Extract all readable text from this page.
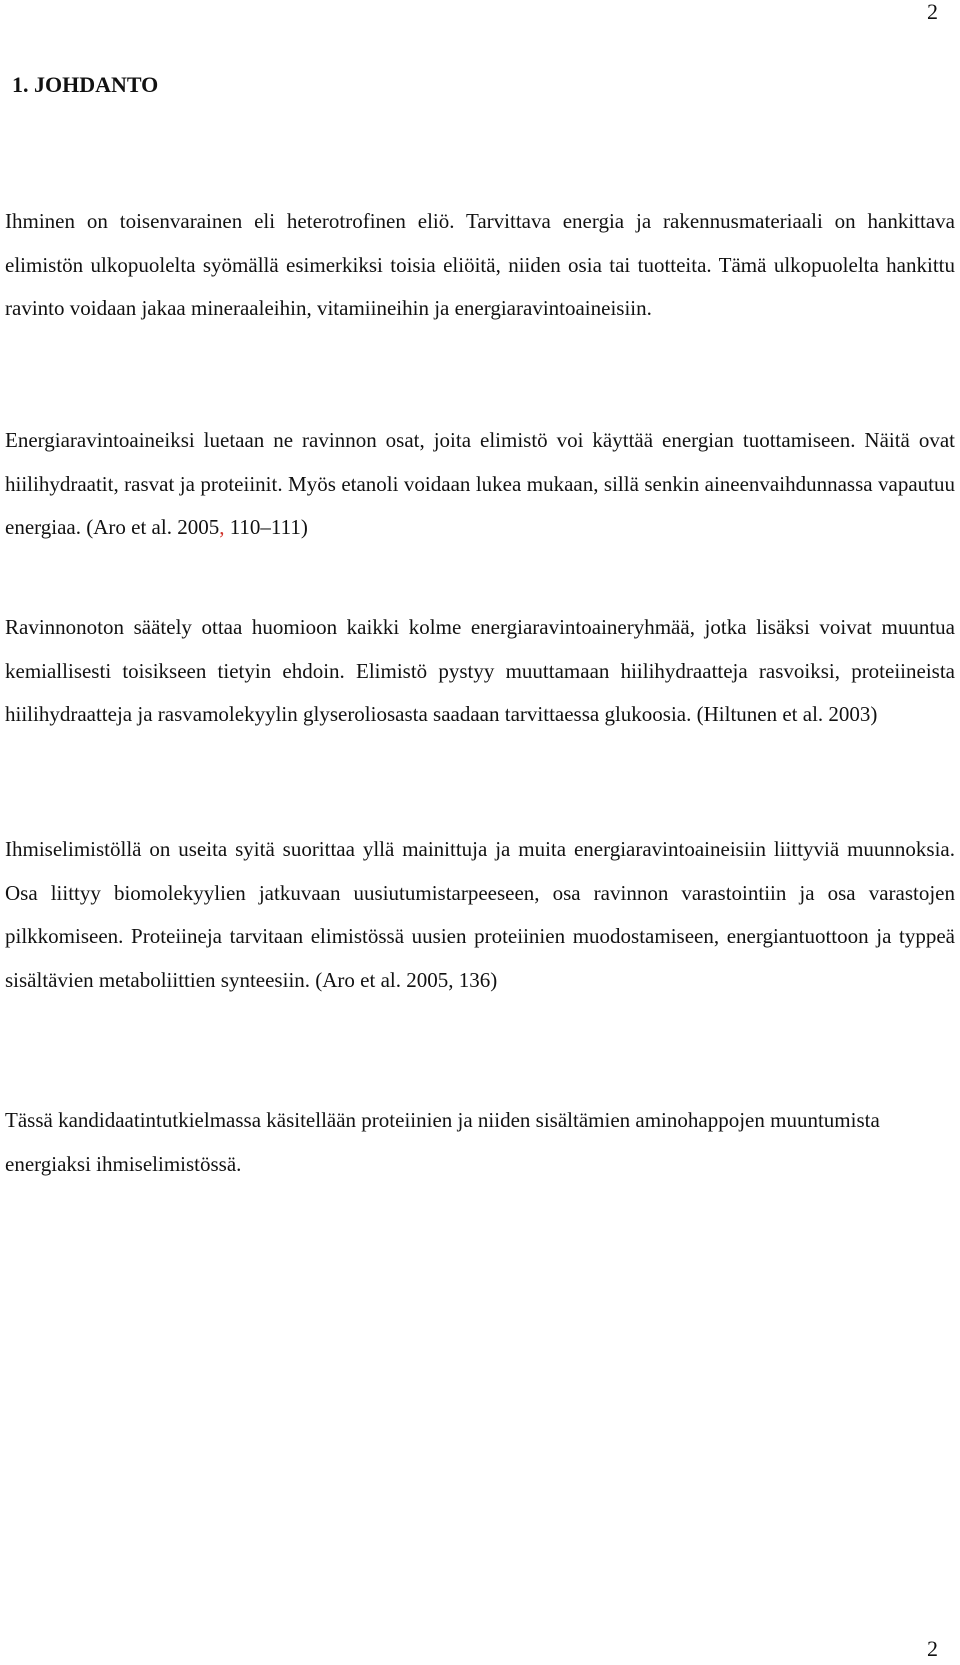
2
1. JOHDANTO

Ihminen on toisenvarainen eli heterotrofinen eliö. Tarvittava energia ja rakennusmateriaali on hankittava elimistön ulkopuolelta syömällä esimerkiksi toisia eliöitä, niiden osia tai tuotteita. Tämä ulkopuolelta hankittu ravinto voidaan jakaa mineraaleihin, vitamiineihin ja energiaravintoaineisiin.

Energiaravintoaineiksi luetaan ne ravinnon osat, joita elimistö voi käyttää energian tuottamiseen. Näitä ovat hiilihydraatit, rasvat ja proteiinit. Myös etanoli voidaan lukea mukaan, sillä senkin aineenvaihdunnassa vapautuu energiaa. (Aro et al. 2005, 110–111)

Ravinnonoton säätely ottaa huomioon kaikki kolme energiaravintoaineryhmää, jotka lisäksi voivat muuntua kemiallisesti toisikseen tietyin ehdoin. Elimistö pystyy muuttamaan hiilihydraatteja rasvoiksi, proteiineista hiilihydraatteja ja rasvamolekyylin glyseroliosasta saadaan tarvittaessa glukoosia. (Hiltunen et al. 2003)

Ihmiselimistöllä on useita syitä suorittaa yllä mainittuja ja muita energiaravintoaineisiin liittyviä muunnoksia. Osa liittyy biomolekyylien jatkuvaan uusiutumistarpeeseen, osa ravinnon varastointiin ja osa varastojen pilkkomiseen. Proteiineja tarvitaan elimistössä uusien proteiinien muodostamiseen, energiantuottoon ja typpeä sisältävien metaboliittien synteesiin. (Aro et al. 2005, 136)

Tässä kandidaatintutkielmassa käsitellään proteiinien ja niiden sisältämien aminohappojen muuntumista energiaksi ihmiselimistössä.

2
